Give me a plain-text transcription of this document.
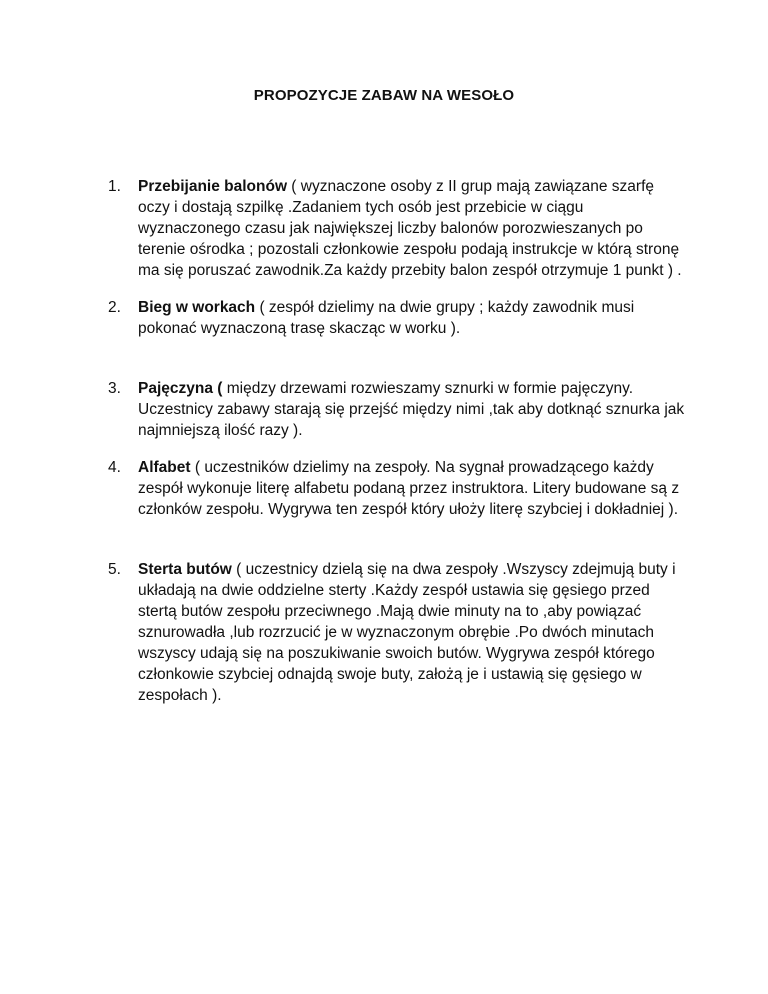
PROPOZYCJE ZABAW NA WESOŁO
1. Przebijanie balonów ( wyznaczone osoby z II grup mają zawiązane szarfę oczy i dostają szpilkę .Zadaniem tych osób jest przebicie w ciągu wyznaczonego czasu jak największej liczby balonów porozwieszanych po terenie ośrodka ; pozostali członkowie zespołu podają instrukcje w którą stronę ma się poruszać zawodnik.Za każdy przebity balon zespół otrzymuje 1 punkt ) .
2. Bieg w workach ( zespół dzielimy na dwie grupy ; każdy zawodnik musi pokonać wyznaczoną trasę skacząc w worku ).
3. Pajęczyna ( między drzewami rozwieszamy sznurki w formie pajęczyny. Uczestnicy zabawy starają się przejść między nimi ,tak aby dotknąć sznurka jak najmniejszą ilość razy ).
4. Alfabet ( uczestników dzielimy na zespoły. Na sygnał prowadzącego każdy zespół wykonuje literę alfabetu podaną przez instruktora. Litery budowane są z członków zespołu. Wygrywa ten zespół który ułoży literę szybciej i dokładniej ).
5. Sterta butów ( uczestnicy dzielą się na dwa zespoły .Wszyscy zdejmują buty i układają na dwie oddzielne sterty .Każdy zespół ustawia się gęsiego przed stertą butów zespołu przeciwnego .Mają dwie minuty na to ,aby powiązać sznurowadła ,lub rozrzucić je w wyznaczonym obrębie .Po dwóch minutach wszyscy udają się na poszukiwanie swoich butów. Wygrywa zespół którego członkowie szybciej odnajdą swoje buty, założą je i ustawią się gęsiego w zespołach ).
